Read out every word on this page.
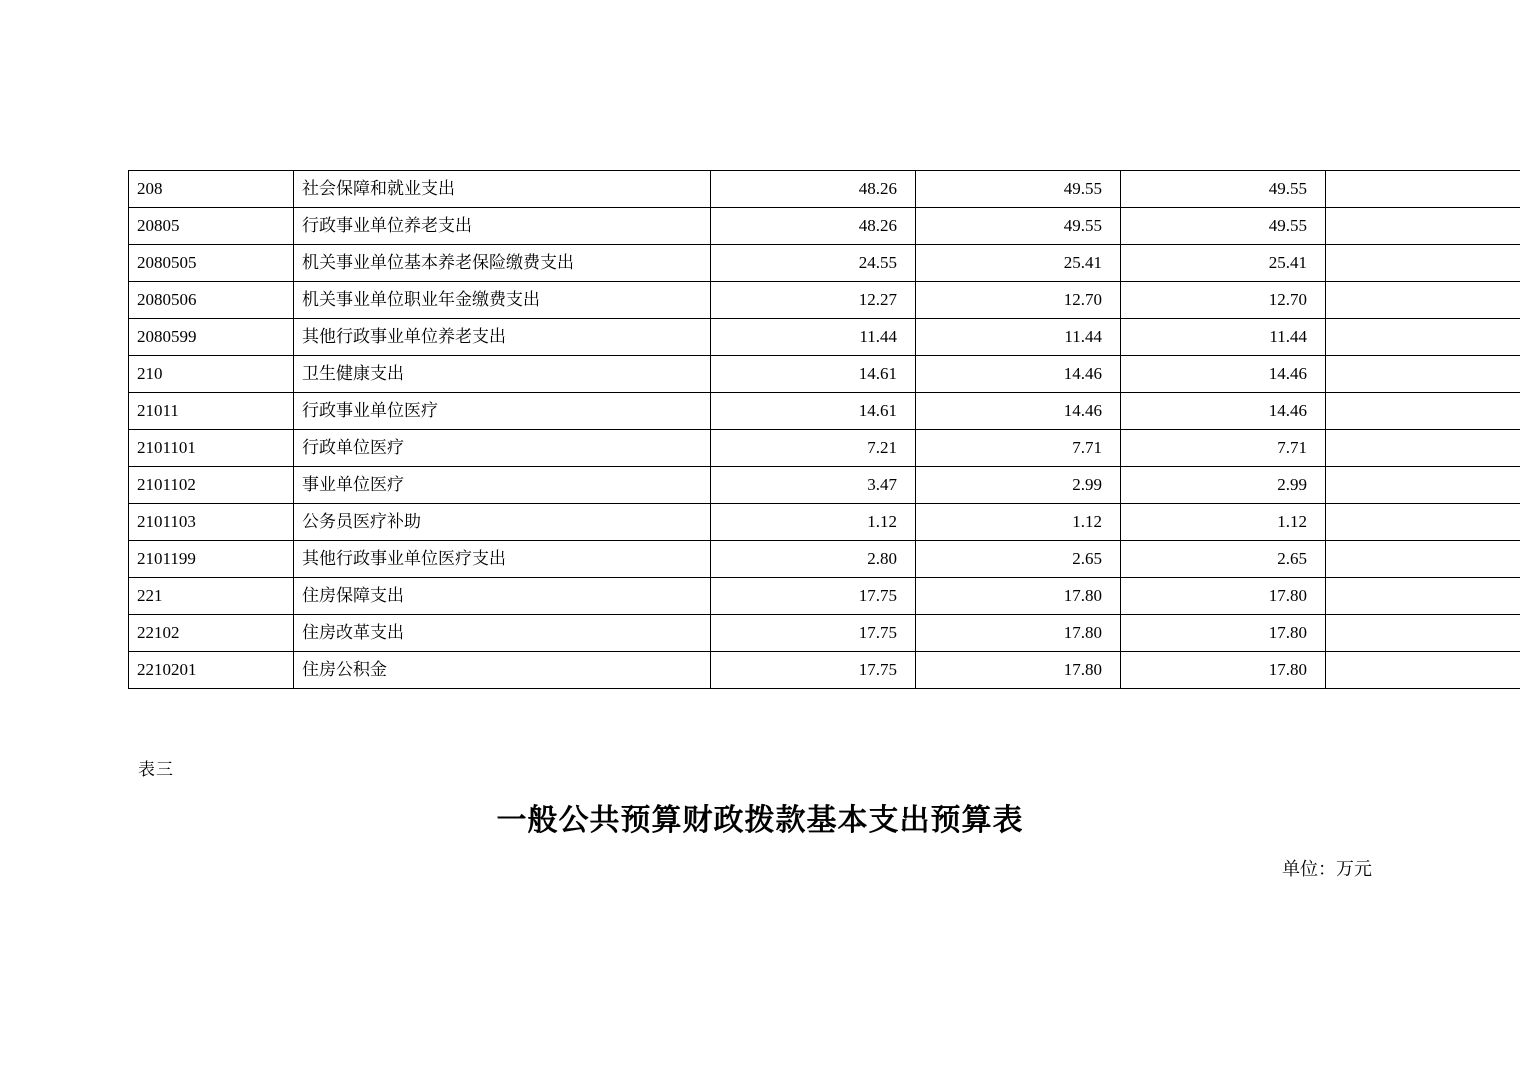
208	社会保障和就业支出	48.26	49.55	49.55	
20805	行政事业单位养老支出	48.26	49.55	49.55	
2080505	机关事业单位基本养老保险缴费支出	24.55	25.41	25.41	
2080506	机关事业单位职业年金缴费支出	12.27	12.70	12.70	
2080599	其他行政事业单位养老支出	11.44	11.44	11.44	
210	卫生健康支出	14.61	14.46	14.46	
21011	行政事业单位医疗	14.61	14.46	14.46	
2101101	行政单位医疗	7.21	7.71	7.71	
2101102	事业单位医疗	3.47	2.99	2.99	
2101103	公务员医疗补助	1.12	1.12	1.12	
2101199	其他行政事业单位医疗支出	2.80	2.65	2.65	
221	住房保障支出	17.75	17.80	17.80	
22102	住房改革支出	17.75	17.80	17.80	
2210201	住房公积金	17.75	17.80	17.80	
表三
一般公共预算财政拨款基本支出预算表
单位：万元
